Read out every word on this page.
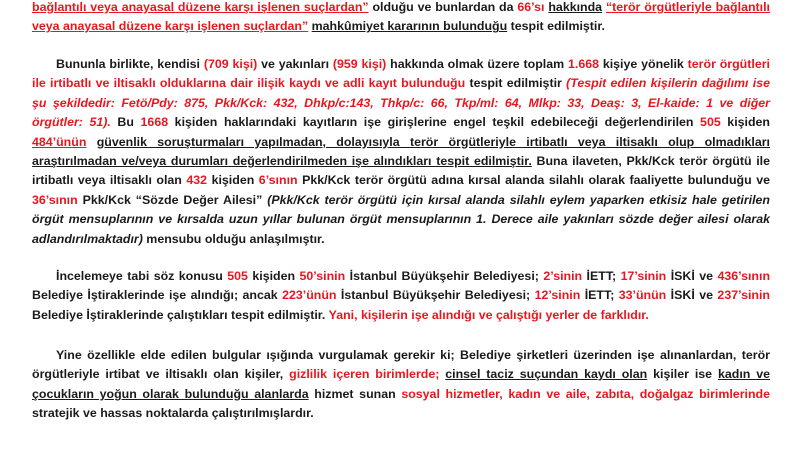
bağlantılı veya anayasal düzene karşı işlenen suçlardan” olduğu ve bunlardan da 66’sı hakkında “terör örgütleriyle bağlantılı veya anayasal düzene karşı işlenen suçlardan” mahkûmiyet kararının bulunduğu tespit edilmiştir.
Bununla birlikte, kendisi (709 kişi) ve yakınları (959 kişi) hakkında olmak üzere toplam 1.668 kişiye yönelik terör örgütleri ile irtibatlı ve iltisaklı olduklarına dair ilişik kaydı ve adli kayıt bulunduğu tespit edilmiştir (Tespit edilen kişilerin dağılımı ise şu şekildedir: Fetö/Pdy: 875, Pkk/Kck: 432, Dhkp/c:143, Thkp/c: 66, Tkp/ml: 64, Mlkp: 33, Deaş: 3, El-kaide: 1 ve diğer örgütler: 51). Bu 1668 kişiden haklarındaki kayıtların işe girişlerine engel teşkil edebileceği değerlendirilen 505 kişiden 484’ünün güvenlik soruşturmaları yapılmadan, dolayısıyla terör örgütleriyle irtibatlı veya iltisaklı olup olmadıkları araştırılmadan ve/veya durumları değerlendirilmeden işe alındıkları tespit edilmiştir. Buna ilaveten, Pkk/Kck terör örgütü ile irtibatlı veya iltisaklı olan 432 kişiden 6’sının Pkk/Kck terör örgütü adına kırsal alanda silahlı olarak faaliyette bulunduğu ve 36’sının Pkk/Kck “Sözde Değer Ailesi” (Pkk/Kck terör örgütü için kırsal alanda silahlı eylem yaparken etkisiz hale getirilen örgüt mensuplarının ve kırsalda uzun yıllar bulunan örgüt mensuplarının 1. Derece aile yakınları sözde değer ailesi olarak adlandırılmaktadır) mensubu olduğu anlaşılmıştır.
İncelemeye tabi söz konusu 505 kişiden 50’sinin İstanbul Büyükşehir Belediyesi; 2’sinin İETT; 17’sinin İSKİ ve 436’sının Belediye İştiraklerinde işe alındığı; ancak 223’ünün İstanbul Büyükşehir Belediyesi; 12’sinin İETT; 33’ünün İSKİ ve 237’sinin Belediye İştiraklerinde çalıştıkları tespit edilmiştir. Yani, kişilerin işe alındığı ve çalıştığı yerler de farklıdır.
Yine özellikle elde edilen bulgular ışığında vurgulamak gerekir ki; Belediye şirketleri üzerinden işe alınanlardan, terör örgütleriyle irtibat ve iltisaklı olan kişiler, gizlilik içeren birimlerde; cinsel taciz suçundan kaydı olan kişiler ise kadın ve çocukların yoğun olarak bulunduğu alanlarda hizmet sunan sosyal hizmetler, kadın ve aile, zabıta, doğalgaz birimlerinde stratejik ve hassas noktalarda çalıştırılmışlardır.
